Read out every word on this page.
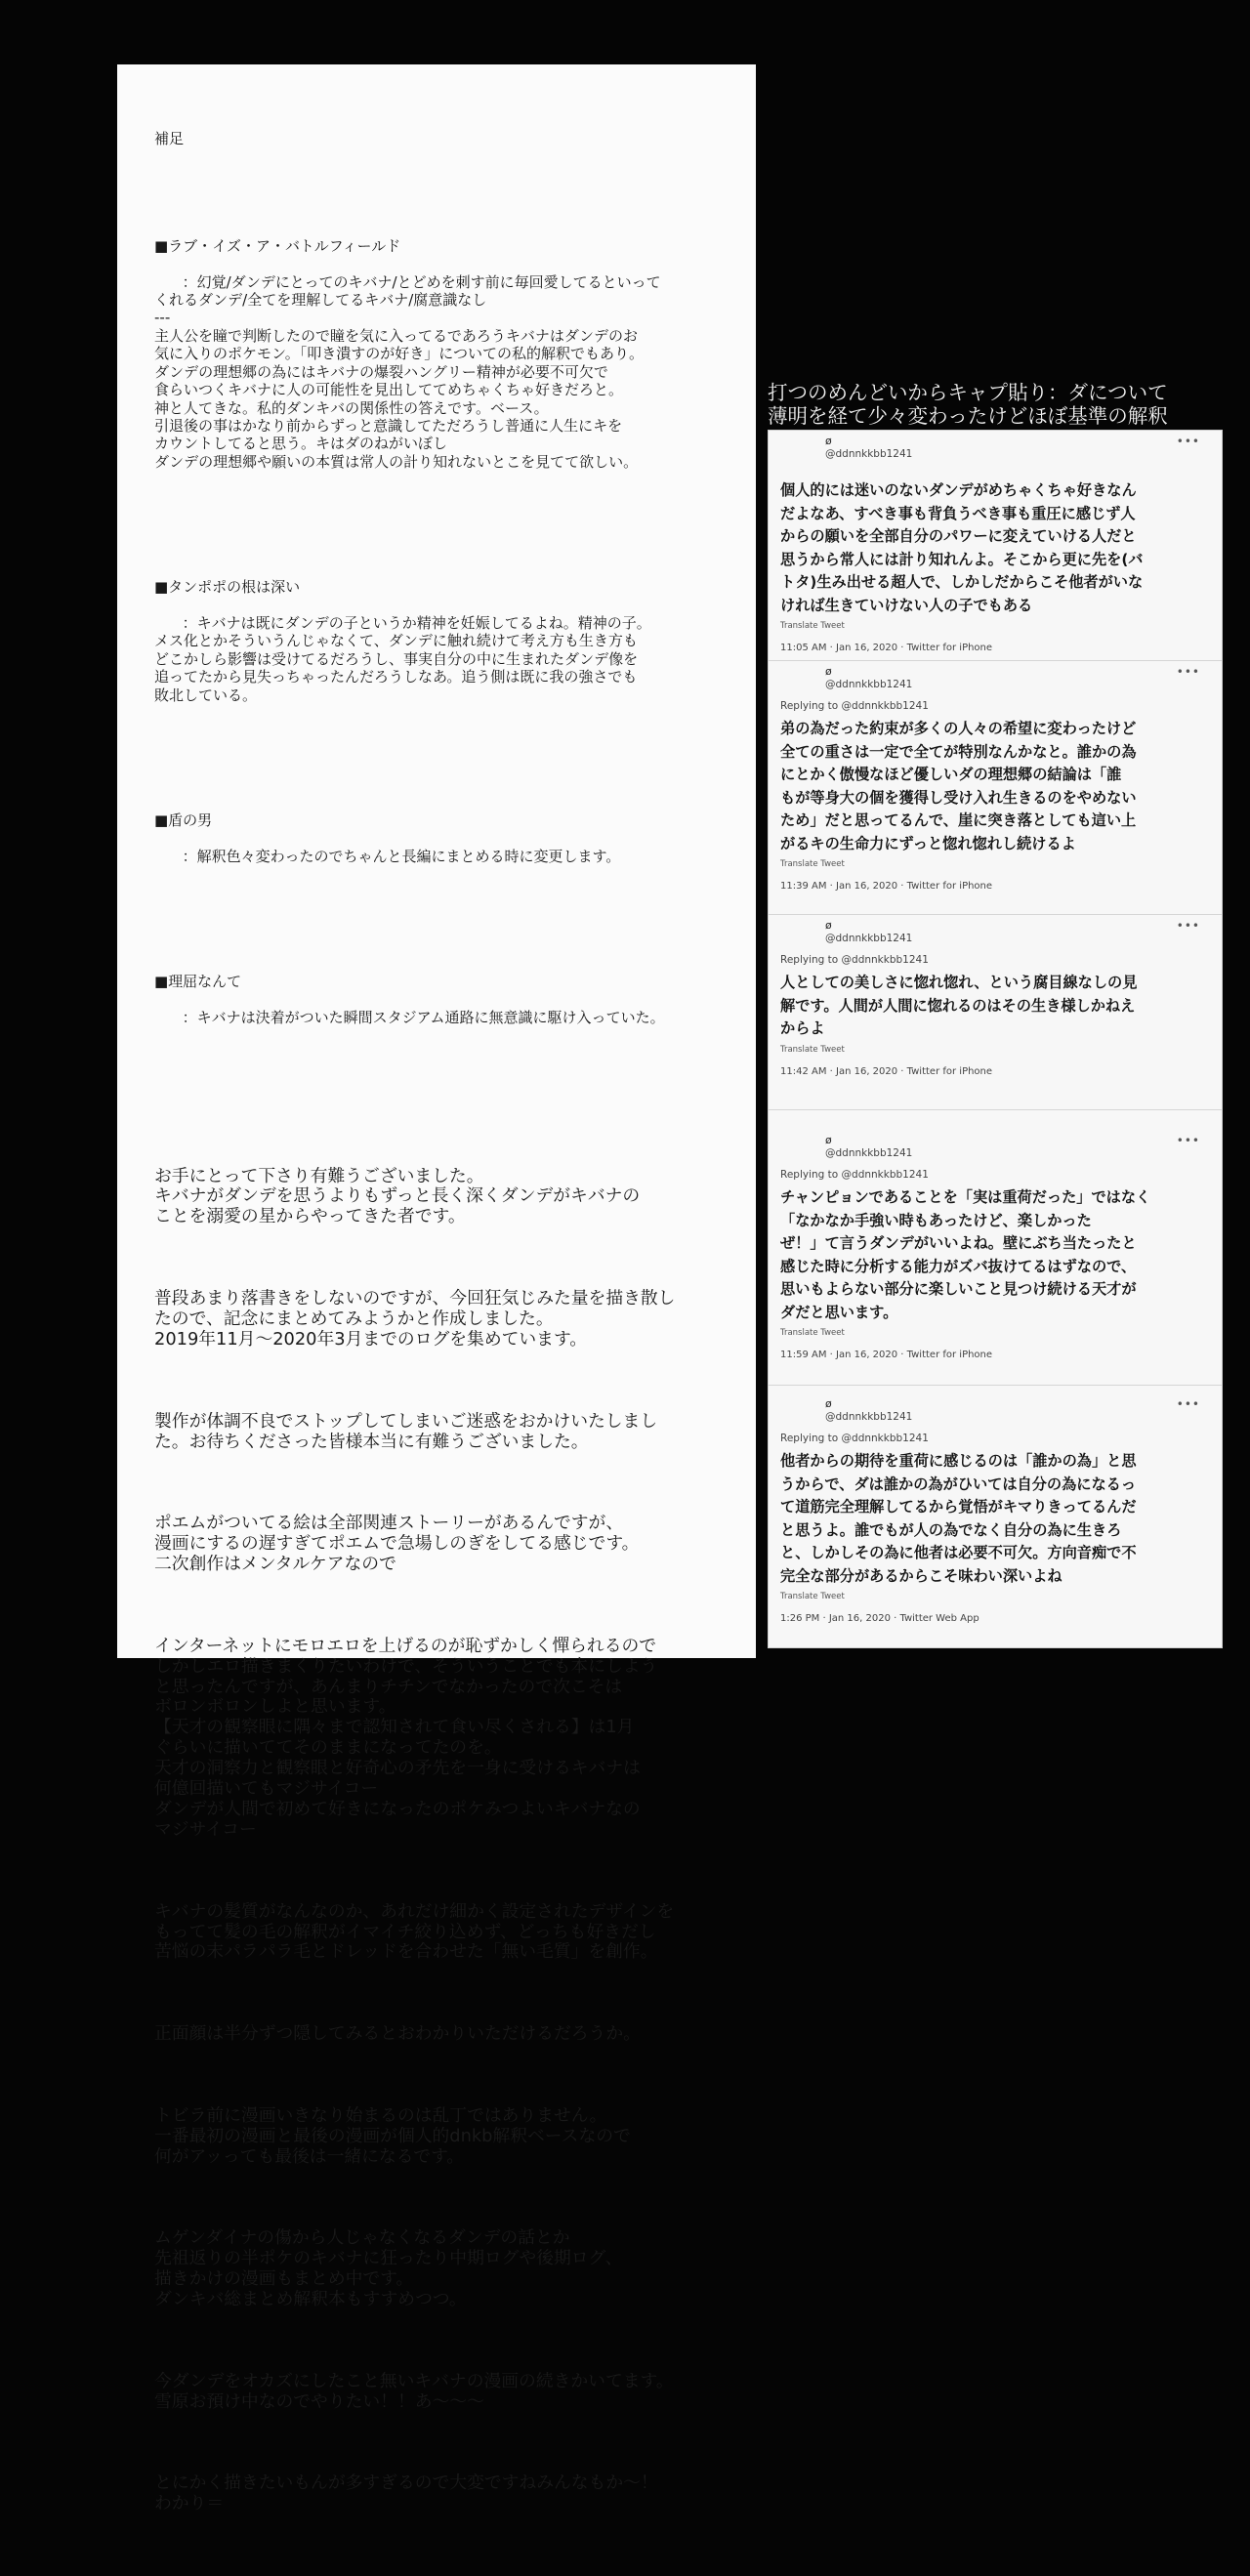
補足

■ラブ・イズ・ア・バトルフィールド

：幻覚/ダンデにとってのキバナ/とどめを刺す前に毎回愛してるといって
くれるダンデ/全てを理解してるキバナ/腐意識なし
---
主人公を瞳で判断したので瞳を気に入ってるであろうキバナはダンデのお
気に入りのポケモン。「叩き潰すのが好き」についての私的解釈でもあり。
ダンデの理想郷の為にはキバナの爆裂ハングリー精神が必要不可欠で
食らいつくキバナに人の可能性を見出しててめちゃくちゃ好きだろと。
神と人てきな。私的ダンキバの関係性の答えです。ベース。
引退後の事はかなり前からずっと意識してただろうし普通に人生にキを
カウントしてると思う。キはダのねがいぼし
ダンデの理想郷や願いの本質は常人の計り知れないとこを見てて欲しい。

■タンポポの根は深い

：キバナは既にダンデの子というか精神を妊娠してるよね。精神の子。
メス化とかそういうんじゃなくて、ダンデに触れ続けて考え方も生き方も
どこかしら影響は受けてるだろうし、事実自分の中に生まれたダンデ像を
追ってたから見失っちゃったんだろうしなあ。追う側は既に我の強さでも
敗北している。

■盾の男

：解釈色々変わったのでちゃんと長編にまとめる時に変更します。

■理屈なんて

：キバナは決着がついた瞬間スタジアム通路に無意識に駆け入っていた。

お手にとって下さり有難うございました。
キバナがダンデを思うよりもずっと長く深くダンデがキバナの
ことを溺愛の星からやってきた者です。

普段あまり落書きをしないのですが、今回狂気じみた量を描き散し
たので、記念にまとめてみようかと作成しました。
2019年11月～2020年3月までのログを集めています。

製作が体調不良でストップしてしまいご迷惑をおかけいたしまし
た。お待ちくださった皆様本当に有難うございました。

ポエムがついてる絵は全部関連ストーリーがあるんですが、
漫画にするの遅すぎてポエムで急場しのぎをしてる感じです。
二次創作はメンタルケアなので

インターネットにモロエロを上げるのが恥ずかしく憚られるので
しかしエロ描きまくりたいわけで、そういうことでも本にしよう
と思ったんですが、あんまりチチンでなかったので次こそは
ボロンボロンしよと思います。
【天才の観察眼に隅々まで認知されて食い尽くされる】は1月
ぐらいに描いててそのままになってたのを。
天才の洞察力と観察眼と好奇心の矛先を一身に受けるキバナは
何億回描いてもマジサイコー
ダンデが人間で初めて好きになったのポケみつよいキバナなの
マジサイコー

キバナの髪質がなんなのか、あれだけ細かく設定されたデザインを
もってて髪の毛の解釈がイマイチ絞り込めず、どっちも好きだし
苦悩の末パラパラ毛とドレッドを合わせた「無い毛質」を創作。

正面顔は半分ずつ隠してみるとおわかりいただけるだろうか。

トビラ前に漫画いきなり始まるのは乱丁ではありません。
一番最初の漫画と最後の漫画が個人的dnkb解釈ベースなので
何がアッっても最後は一緒になるです。

ムゲンダイナの傷から人じゃなくなるダンデの話とか
先祖返りの半ポケのキバナに狂ったり中期ログや後期ログ、
描きかけの漫画もまとめ中です。
ダンキバ総まとめ解釈本もすすめつつ。

今ダンデをオカズにしたこと無いキバナの漫画の続きかいてます。
雪原お預け中なのでやりたい！！あ～～～

とにかく描きたいもんが多すぎるので大変ですねみんなもか～！
わかり＝

打つのめんどいからキャプ貼り：ダについて
薄明を経て少々変わったけどほぼ基準の解釈
ø
@ddnnkkbb1241
•••
個人的には迷いのないダンデがめちゃくちゃ好きなん
だよなあ、すべき事も背負うべき事も重圧に感じず人
からの願いを全部自分のパワーに変えていける人だと
思うから常人には計り知れんよ。そこから更に先を(バ
トタ)生み出せる超人で、しかしだからこそ他者がいな
ければ生きていけない人の子でもある
Translate Tweet
11:05 AM · Jan 16, 2020 · Twitter for iPhone
ø
@ddnnkkbb1241
•••
Replying to @ddnnkkbb1241
弟の為だった約束が多くの人々の希望に変わったけど
全ての重さは一定で全てが特別なんかなと。誰かの為
にとかく傲慢なほど優しいダの理想郷の結論は「誰
もが等身大の個を獲得し受け入れ生きるのをやめない
ため」だと思ってるんで、崖に突き落としても這い上
がるキの生命力にずっと惚れ惚れし続けるよ
Translate Tweet
11:39 AM · Jan 16, 2020 · Twitter for iPhone
ø
@ddnnkkbb1241
•••
Replying to @ddnnkkbb1241
人としての美しさに惚れ惚れ、という腐目線なしの見
解です。人間が人間に惚れるのはその生き様しかねえ
からよ
Translate Tweet
11:42 AM · Jan 16, 2020 · Twitter for iPhone
ø
@ddnnkkbb1241
•••
Replying to @ddnnkkbb1241
チャンピョンであることを「実は重荷だった」ではなく
「なかなか手強い時もあったけど、楽しかった
ぜ！」て言うダンデがいいよね。壁にぶち当たったと
感じた時に分析する能力がズバ抜けてるはずなので、
思いもよらない部分に楽しいこと見つけ続ける天才が
ダだと思います。
Translate Tweet
11:59 AM · Jan 16, 2020 · Twitter for iPhone
ø
@ddnnkkbb1241
•••
Replying to @ddnnkkbb1241
他者からの期待を重荷に感じるのは「誰かの為」と思
うからで、ダは誰かの為がひいては自分の為になるっ
て道筋完全理解してるから覚悟がキマりきってるんだ
と思うよ。誰でもが人の為でなく自分の為に生きろ
と、しかしその為に他者は必要不可欠。方向音痴で不
完全な部分があるからこそ味わい深いよね
Translate Tweet
1:26 PM · Jan 16, 2020 · Twitter Web App
